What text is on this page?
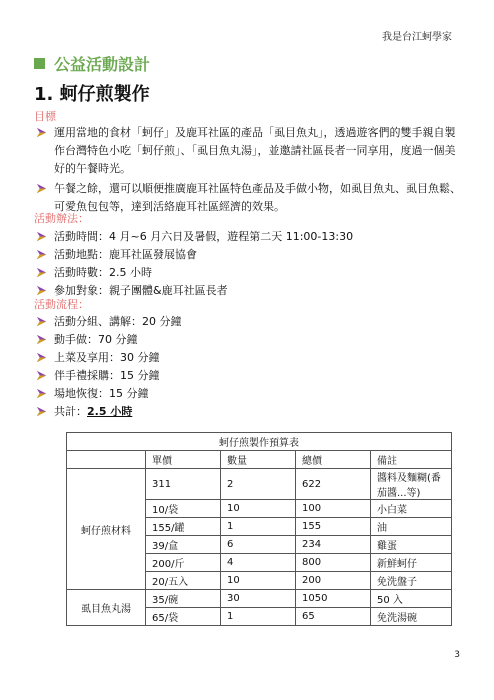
我是台江蚵學家
公益活動設計
1. 蚵仔煎製作
目標
運用當地的食材「蚵仔」及鹿耳社區的產品「虱目魚丸」，透過遊客們的雙手親自製作台灣特色小吃「蚵仔煎」、「虱目魚丸湯」，並邀請社區長者一同享用，度過一個美好的午餐時光。
午餐之餘，還可以順便推廣鹿耳社區特色產品及手做小物，如虱目魚丸、虱目魚鬆、可愛魚包包等，達到活絡鹿耳社區經濟的效果。
活動辦法：
活動時間：4 月~6 月六日及暑假，遊程第二天 11:00-13:30
活動地點：鹿耳社區發展協會
活動時數：2.5 小時
參加對象：親子團體&鹿耳社區長者
活動流程：
活動分組、講解：20 分鐘
動手做：70 分鐘
上菜及享用：30 分鐘
伴手禮採購：15 分鐘
場地恢復：15 分鐘
共計：2.5 小時
蚵仔煎製作預算表				
	單價	數量	總價	備註
蚵仔煎材料	311	2	622	醬料及麵糊(番茄醬...等)
	10/袋	10	100	小白菜
	155/罐	1	155	油
	39/盒	6	234	雞蛋
	200/斤	4	800	新鮮蚵仔
	20/五入	10	200	免洗盤子
虱目魚丸湯	35/碗	30	1050	50 入
	65/袋	1	65	免洗湯碗
3
